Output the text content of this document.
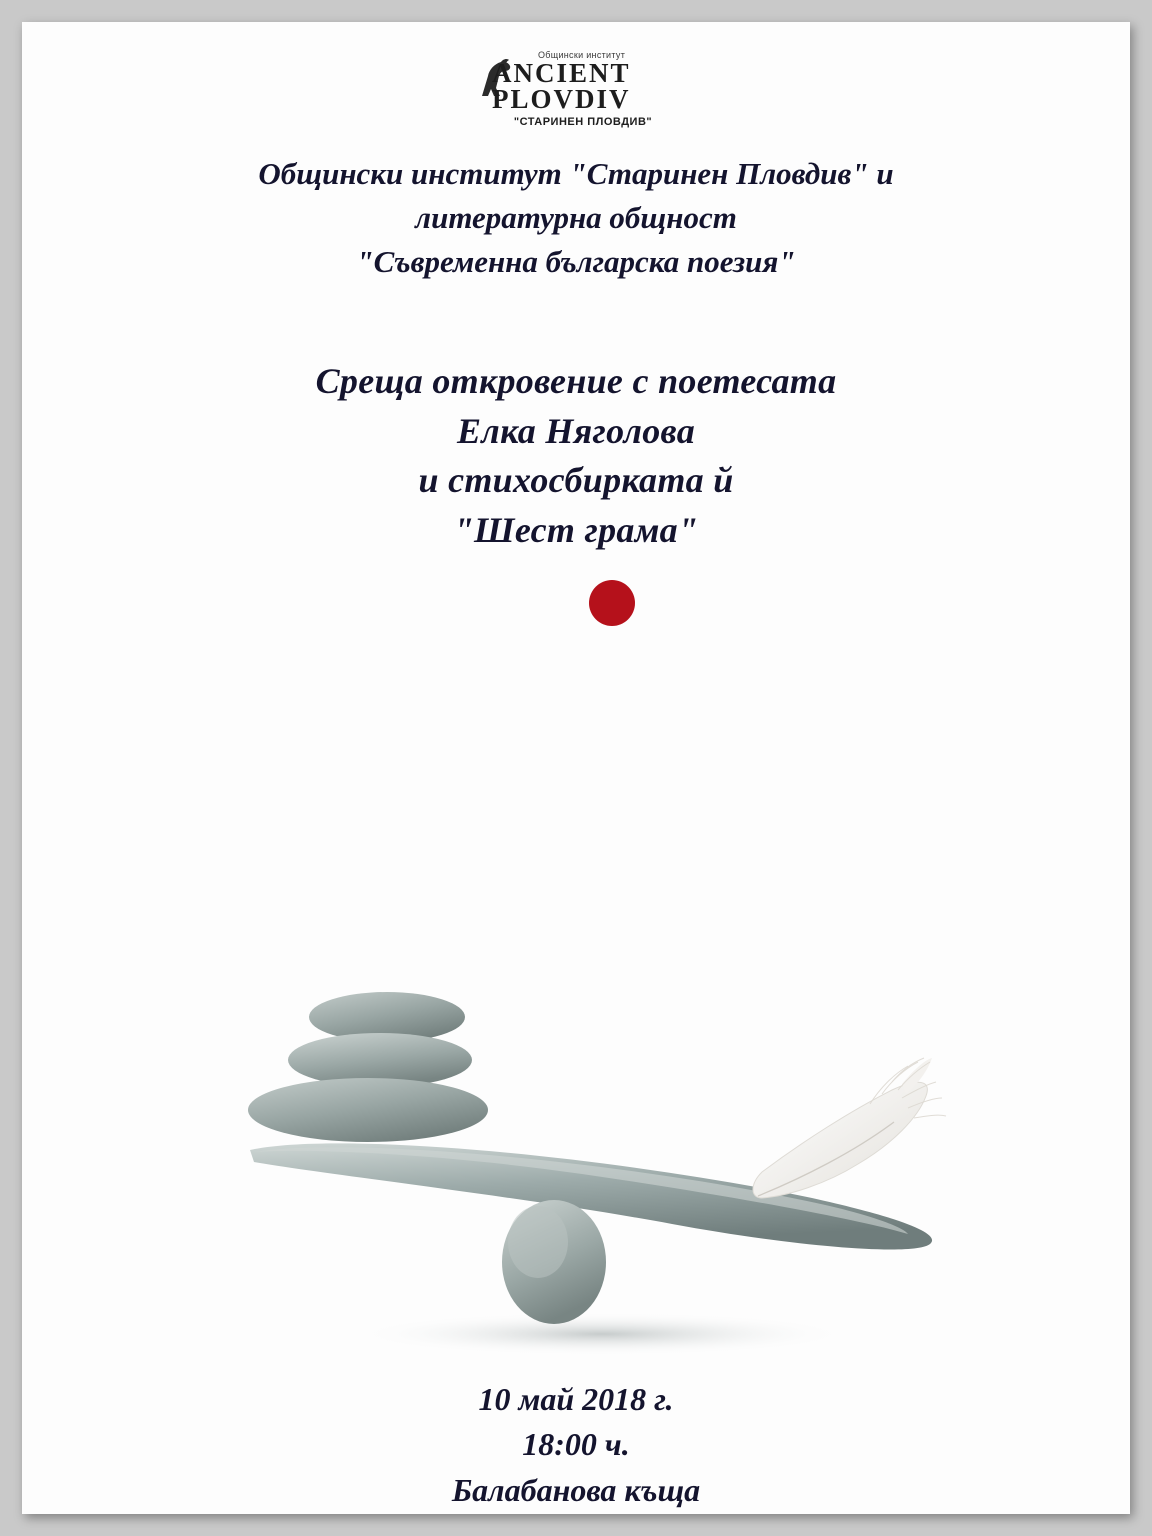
Общински институт
ANCIENT
PLOVDIV
"СТАРИНЕН ПЛОВДИВ"
Общински институт "Старинен Пловдив" и
литературна общност
"Съвременна българска поезия"
Среща откровение с поетесата
Елка Няголова
и стихосбирката й
"Шест грама"
10 май 2018 г.
18:00 ч.
Балабанова къща
